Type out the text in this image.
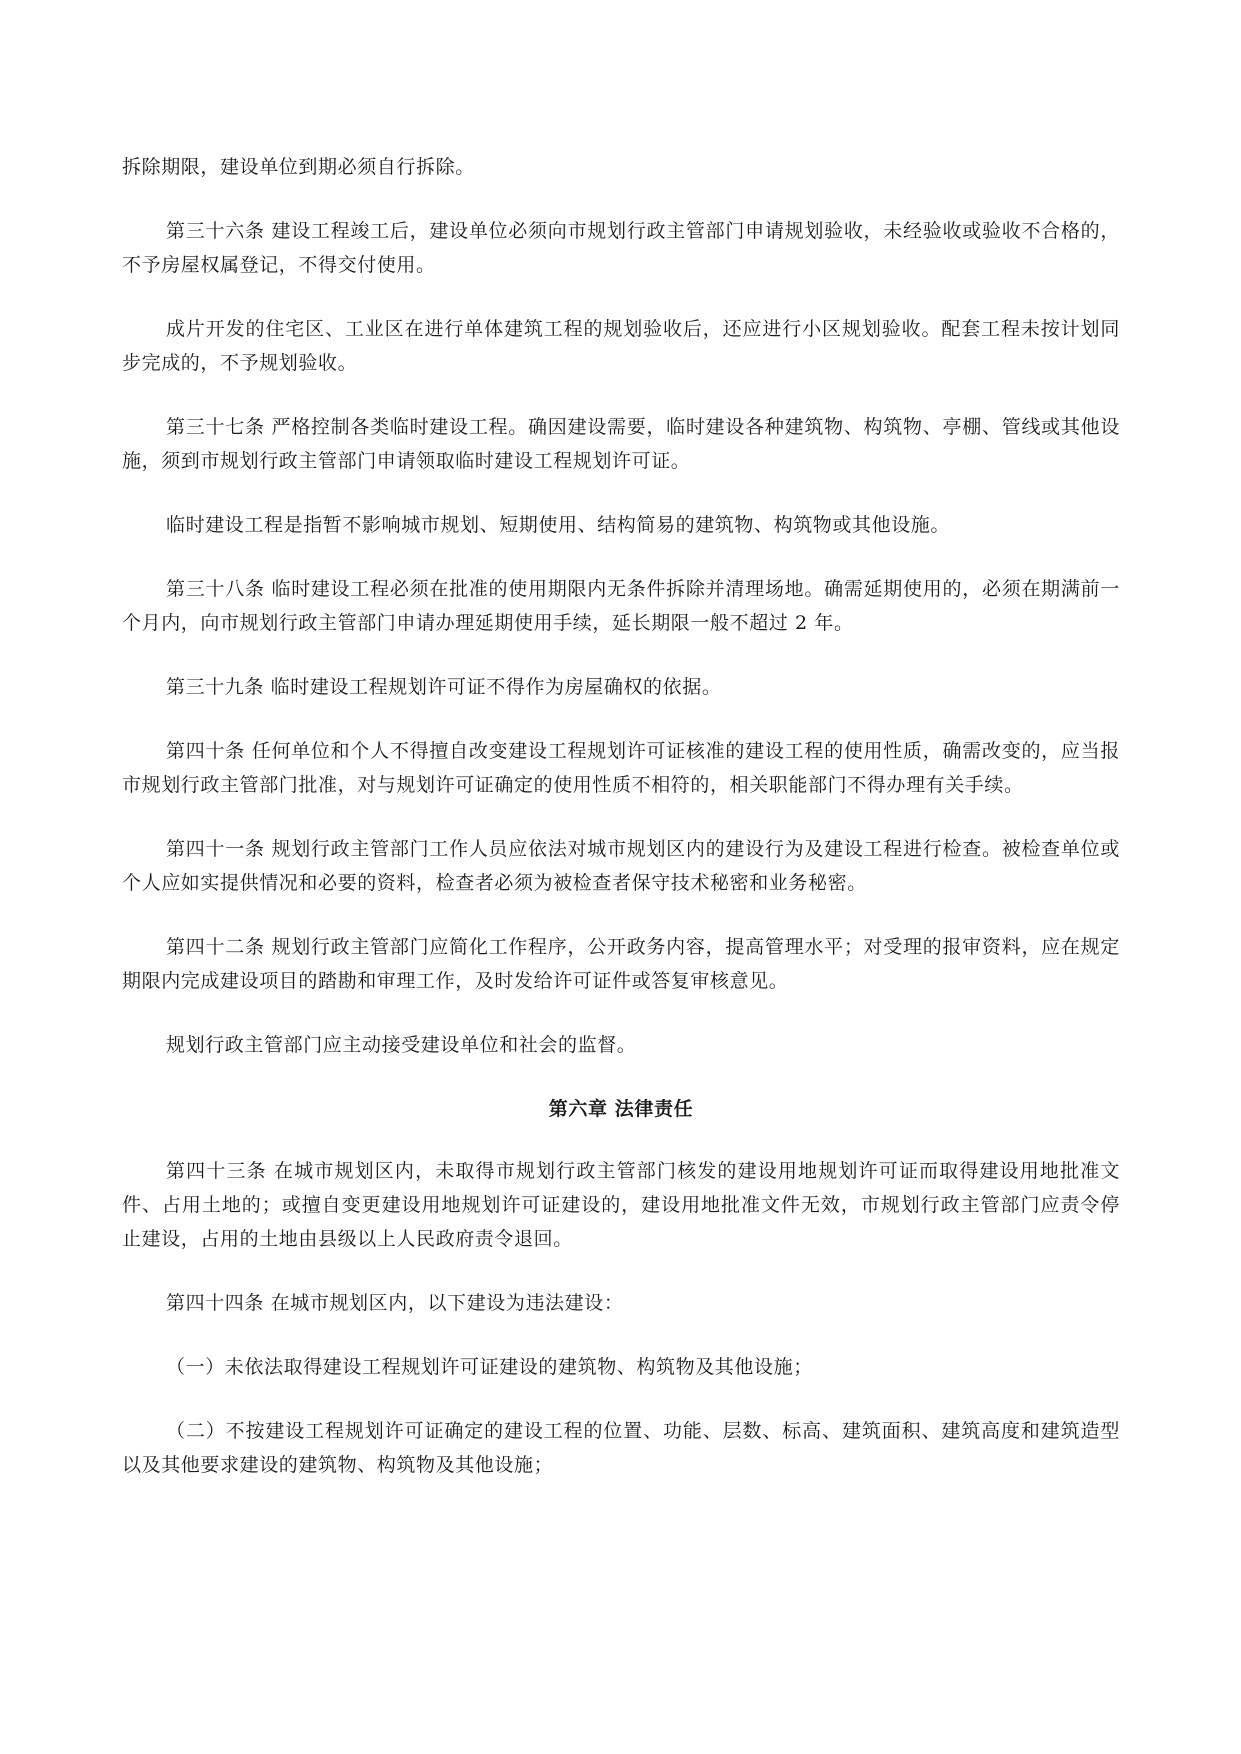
拆除期限，建设单位到期必须自行拆除。

第三十六条 建设工程竣工后，建设单位必须向市规划行政主管部门申请规划验收，未经验收或验收不合格的，不予房屋权属登记，不得交付使用。

成片开发的住宅区、工业区在进行单体建筑工程的规划验收后，还应进行小区规划验收。配套工程未按计划同步完成的，不予规划验收。

第三十七条 严格控制各类临时建设工程。确因建设需要，临时建设各种建筑物、构筑物、亭棚、管线或其他设施，须到市规划行政主管部门申请领取临时建设工程规划许可证。

临时建设工程是指暂不影响城市规划、短期使用、结构简易的建筑物、构筑物或其他设施。

第三十八条 临时建设工程必须在批准的使用期限内无条件拆除并清理场地。确需延期使用的，必须在期满前一个月内，向市规划行政主管部门申请办理延期使用手续，延长期限一般不超过 2 年。

第三十九条 临时建设工程规划许可证不得作为房屋确权的依据。

第四十条 任何单位和个人不得擅自改变建设工程规划许可证核准的建设工程的使用性质，确需改变的，应当报市规划行政主管部门批准，对与规划许可证确定的使用性质不相符的，相关职能部门不得办理有关手续。

第四十一条 规划行政主管部门工作人员应依法对城市规划区内的建设行为及建设工程进行检查。被检查单位或个人应如实提供情况和必要的资料，检查者必须为被检查者保守技术秘密和业务秘密。

第四十二条 规划行政主管部门应简化工作程序，公开政务内容，提高管理水平；对受理的报审资料，应在规定期限内完成建设项目的踏勘和审理工作，及时发给许可证件或答复审核意见。

规划行政主管部门应主动接受建设单位和社会的监督。

第六章 法律责任

第四十三条 在城市规划区内，未取得市规划行政主管部门核发的建设用地规划许可证而取得建设用地批准文件、占用土地的；或擅自变更建设用地规划许可证建设的，建设用地批准文件无效，市规划行政主管部门应责令停止建设，占用的土地由县级以上人民政府责令退回。

第四十四条 在城市规划区内，以下建设为违法建设：

（一）未依法取得建设工程规划许可证建设的建筑物、构筑物及其他设施；

（二）不按建设工程规划许可证确定的建设工程的位置、功能、层数、标高、建筑面积、建筑高度和建筑造型以及其他要求建设的建筑物、构筑物及其他设施；
